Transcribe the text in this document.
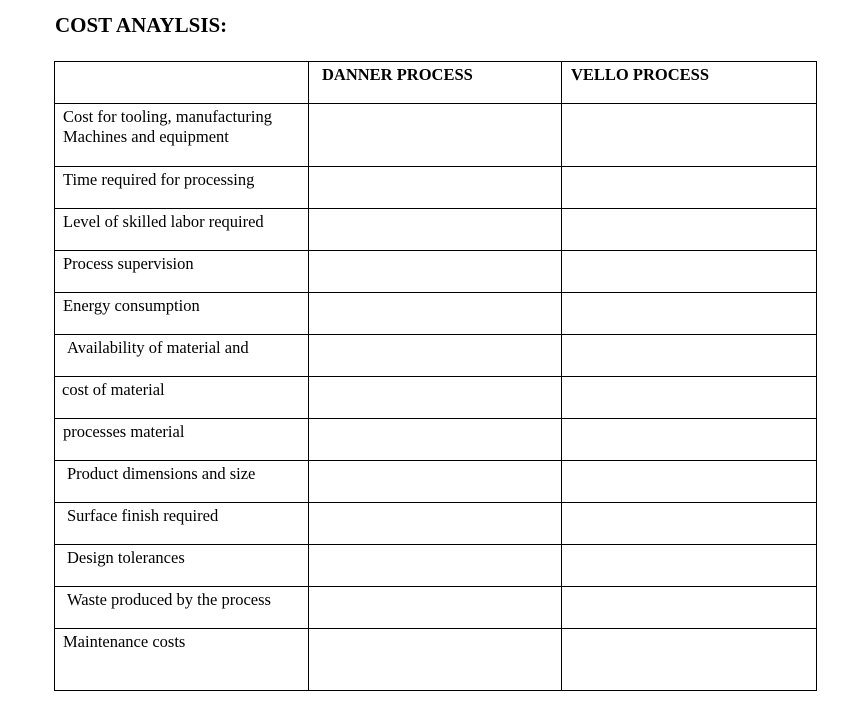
COST ANAYLSIS:

	DANNER PROCESS	VELLO PROCESS

Cost for tooling, manufacturing
Machines and equipment		

Time required for processing		

Level of skilled labor required		

Process supervision		

Energy consumption		

Availability of material and		

cost of material		

processes material		

Product dimensions and size		

Surface finish required		

Design tolerances		

Waste produced by the process		

Maintenance costs		
